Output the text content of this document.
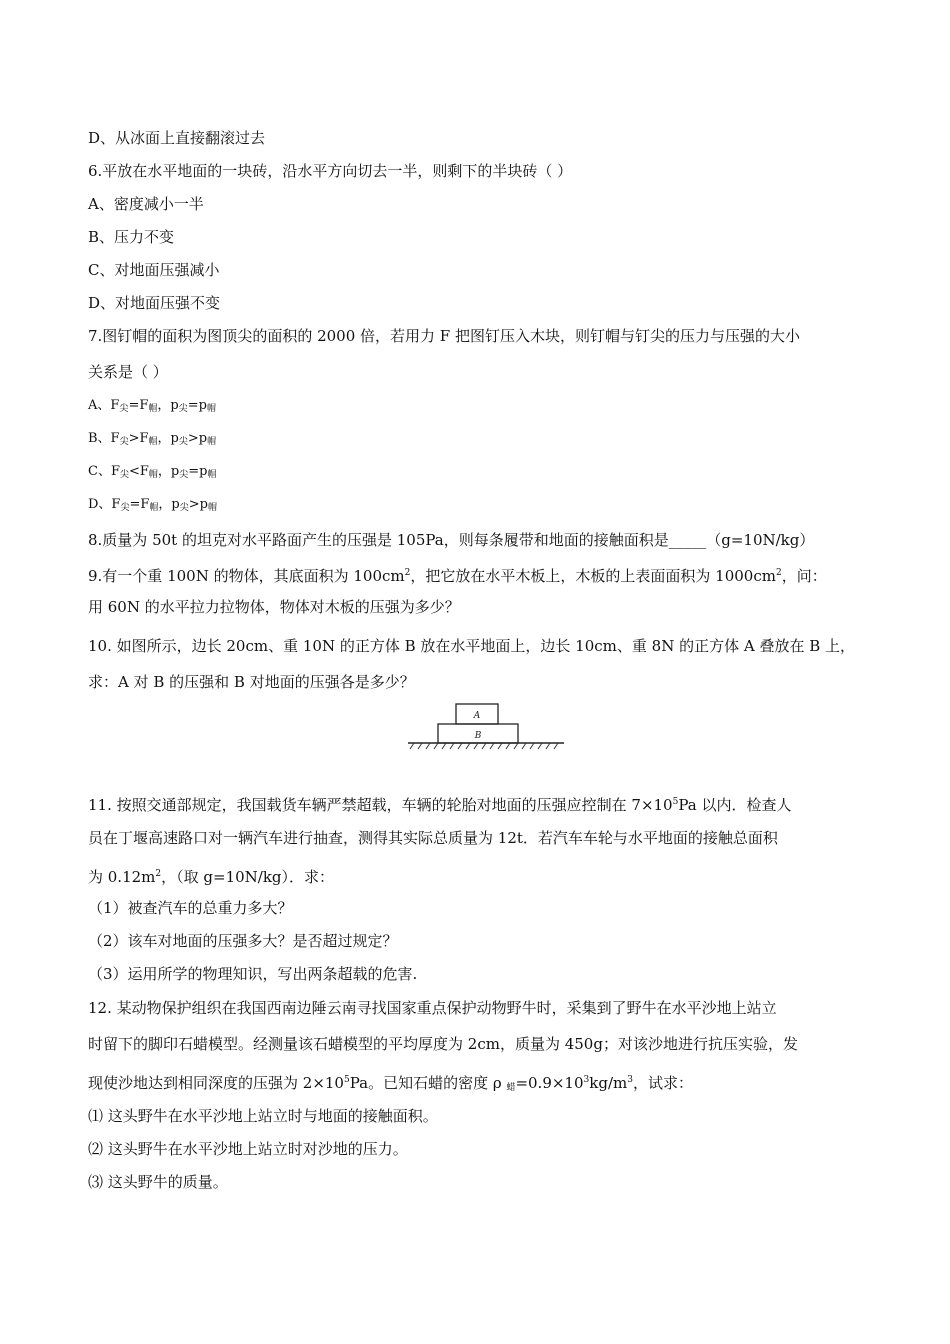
D、从冰面上直接翻滚过去
6.平放在水平地面的一块砖，沿水平方向切去一半，则剩下的半块砖（ ）
A、密度减小一半
B、压力不变
C、对地面压强减小
D、对地面压强不变
7.图钉帽的面积为图顶尖的面积的 2000 倍，若用力 F 把图钉压入木块，则钉帽与钉尖的压力与压强的大小
关系是（ ）
A、$F_尖=F_帽$，$p_尖=p_帽$
B、$F_尖>F_帽$，$p_尖>p_帽$
C、$F_尖<F_帽$，$p_尖=p_帽$
D、$F_尖=F_帽$，$p_尖>p_帽$
8.质量为 50t 的坦克对水平路面产生的压强是 105Pa，则每条履带和地面的接触面积是_____（g=10N/kg）
9.有一个重 100N 的物体，其底面积为 $100cm^2$，把它放在水平木板上，木板的上表面面积为 $1000cm^2$，问：
用 60N 的水平拉力拉物体，物体对木板的压强为多少？
10. 如图所示，边长 20cm、重 10N 的正方体 B 放在水平地面上，边长 10cm、重 8N 的正方体 A 叠放在 B 上，
求：A 对 B 的压强和 B 对地面的压强各是多少？
11. 按照交通部规定，我国载货车辆严禁超载，车辆的轮胎对地面的压强应控制在 $7\times 10^5Pa$ 以内．检查人
员在丁堰高速路口对一辆汽车进行抽查，测得其实际总质量为 12t．若汽车车轮与水平地面的接触总面积
为 $0.12m^2$，（取 g=10N/kg）．求：
（1）被查汽车的总重力多大？
（2）该车对地面的压强多大？是否超过规定？
（3）运用所学的物理知识，写出两条超载的危害.
12. 某动物保护组织在我国西南边陲云南寻找国家重点保护动物野牛时，采集到了野牛在水平沙地上站立
时留下的脚印石蜡模型。经测量该石蜡模型的平均厚度为 2cm，质量为 450g；对该沙地进行抗压实验，发
现使沙地达到相同深度的压强为 $2\times 10^5Pa$。已知石蜡的密度 ρ $_蜡=0.9\times 10^3kg/m^3$，试求：
⑴ 这头野牛在水平沙地上站立时与地面的接触面积。
⑵ 这头野牛在水平沙地上站立时对沙地的压力。
⑶ 这头野牛的质量。
A
B
